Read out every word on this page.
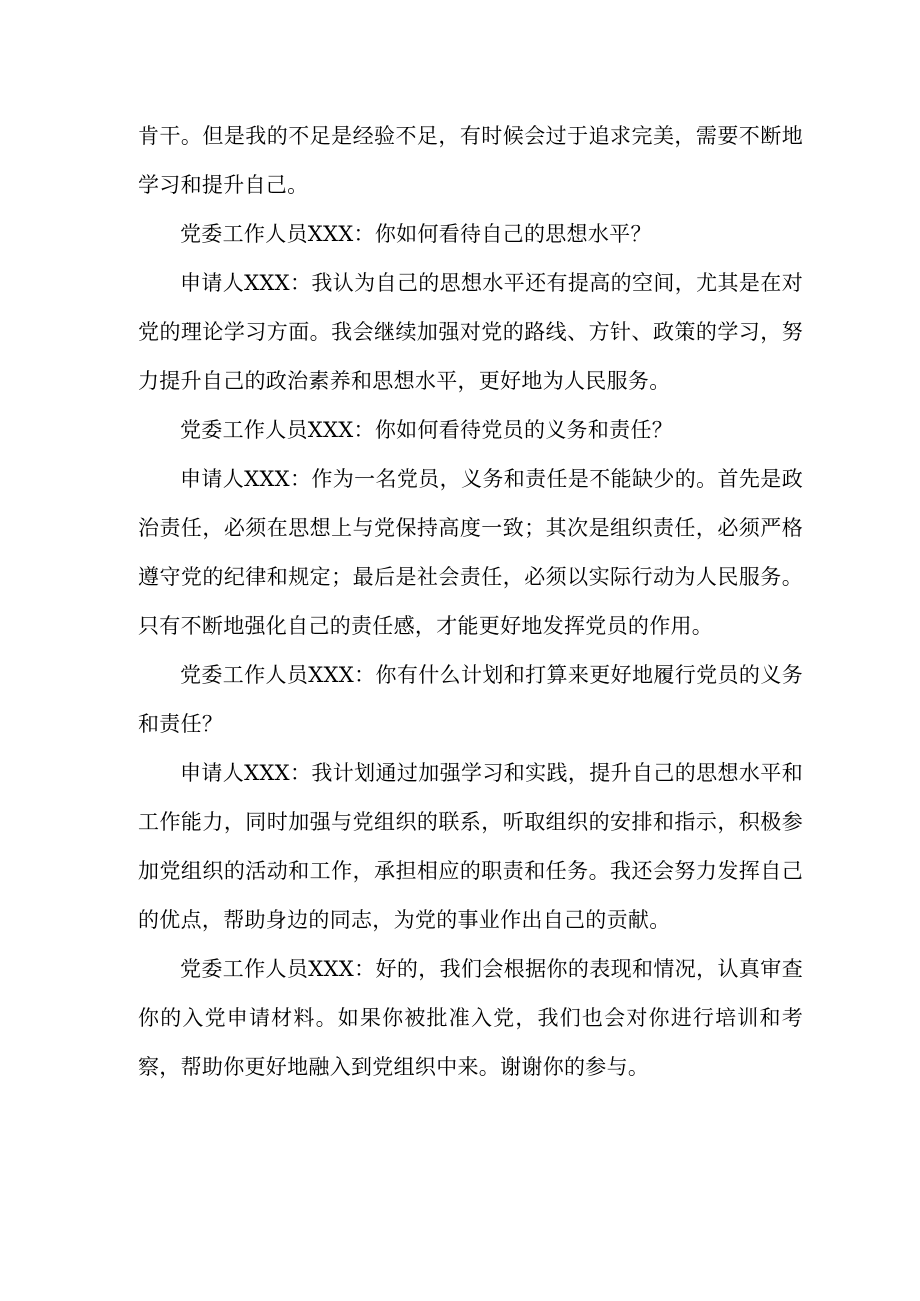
肯干。但是我的不足是经验不足，有时候会过于追求完美，需要不断地学习和提升自己。

党委工作人员XXX：你如何看待自己的思想水平？

申请人XXX：我认为自己的思想水平还有提高的空间，尤其是在对党的理论学习方面。我会继续加强对党的路线、方针、政策的学习，努力提升自己的政治素养和思想水平，更好地为人民服务。

党委工作人员XXX：你如何看待党员的义务和责任？

申请人XXX：作为一名党员，义务和责任是不能缺少的。首先是政治责任，必须在思想上与党保持高度一致；其次是组织责任，必须严格遵守党的纪律和规定；最后是社会责任，必须以实际行动为人民服务。只有不断地强化自己的责任感，才能更好地发挥党员的作用。

党委工作人员XXX：你有什么计划和打算来更好地履行党员的义务和责任？

申请人XXX：我计划通过加强学习和实践，提升自己的思想水平和工作能力，同时加强与党组织的联系，听取组织的安排和指示，积极参加党组织的活动和工作，承担相应的职责和任务。我还会努力发挥自己的优点，帮助身边的同志，为党的事业作出自己的贡献。

党委工作人员XXX：好的，我们会根据你的表现和情况，认真审查你的入党申请材料。如果你被批准入党，我们也会对你进行培训和考察，帮助你更好地融入到党组织中来。谢谢你的参与。
